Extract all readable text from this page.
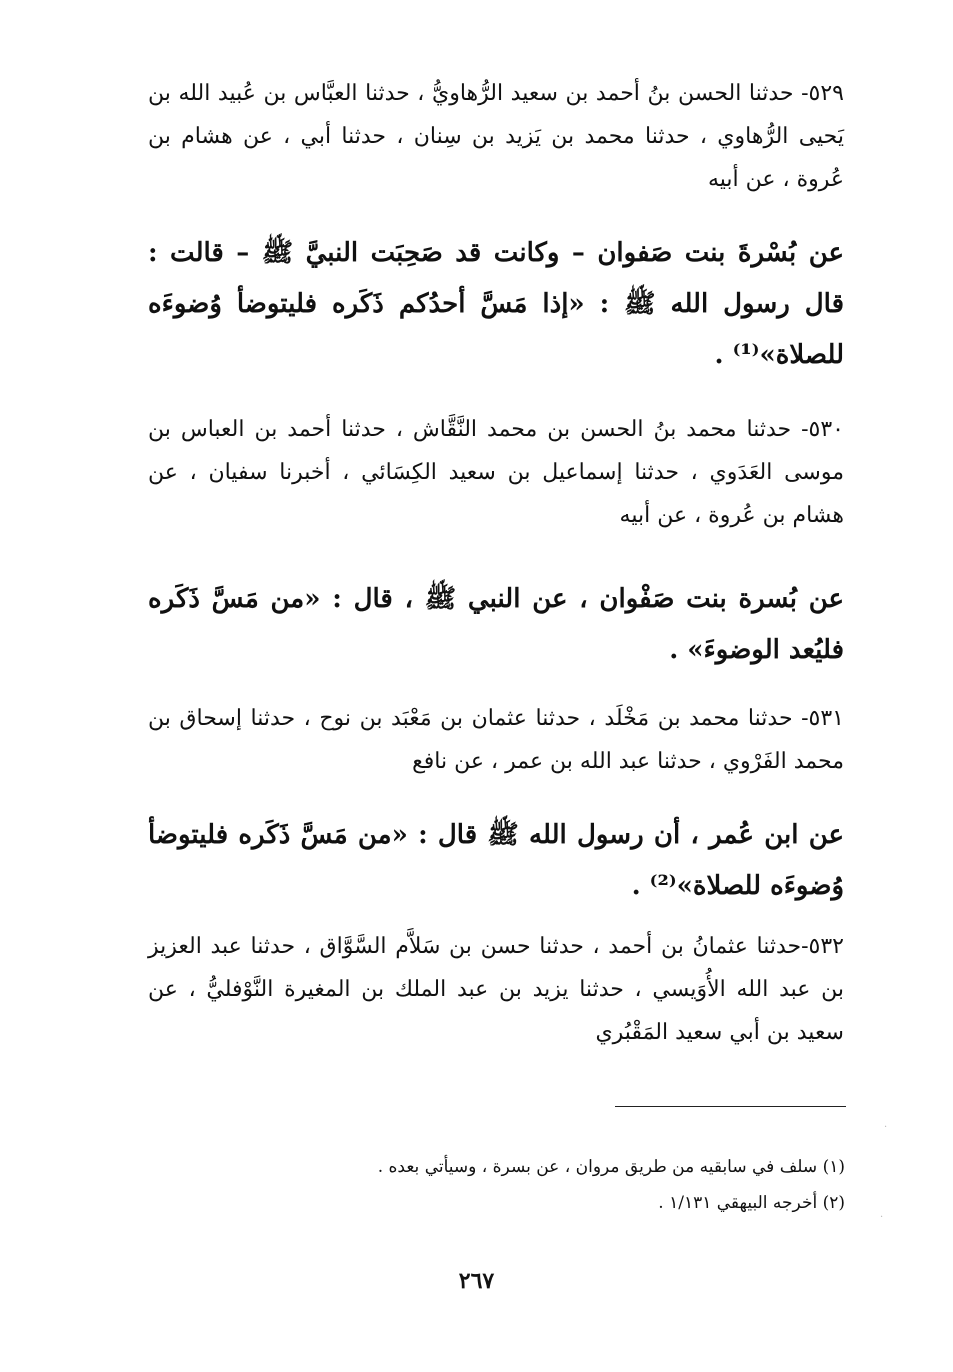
٥٢٩- حدثنا الحسن بنُ أحمد بن سعيد الرُّهاويُّ ، حدثنا العبَّاس بن عُبيد الله بن يَحيى الرُّهاوي ، حدثنا محمد بن يَزيد بن سِنان ، حدثنا أبي ، عن هشام بن عُروة ، عن أبيه
عن بُسْرةَ بنت صَفوان – وكانت قد صَحِبَت النبيَّ ﷺ – قالت : قال رسول الله ﷺ : «إذا مَسَّ أحدُكم ذَكَره فليتوضأ وُضوءَه للصلاة»⁽¹⁾ .
٥٣٠- حدثنا محمد بنُ الحسن بن محمد النَّقَّاش ، حدثنا أحمد بن العباس بن موسى العَدَوي ، حدثنا إسماعيل بن سعيد الكِسَائي ، أخبرنا سفيان ، عن هشام بن عُروة ، عن أبيه
عن بُسرة بنت صَفْوان ، عن النبي ﷺ ، قال : «من مَسَّ ذَكَره فليُعد الوضوءَ» .
٥٣١- حدثنا محمد بن مَخْلَد ، حدثنا عثمان بن مَعْبَد بن نوح ، حدثنا إسحاق بن محمد الفَرْوي ، حدثنا عبد الله بن عمر ، عن نافع
عن ابن عُمر ، أن رسول الله ﷺ قال : «من مَسَّ ذَكَره فليتوضأ وُضوءَه للصلاة»⁽²⁾ .
٥٣٢-حدثنا عثمانُ بن أحمد ، حدثنا حسن بن سَلاَّم السَّوَّاق ، حدثنا عبد العزيز بن عبد الله الأُوَيسي ، حدثنا يزيد بن عبد الملك بن المغيرة النَّوْفليُّ ، عن سعيد بن أبي سعيد المَقْبُري
(١) سلف في سابقيه من طريق مروان ، عن بسرة ، وسيأتي بعده .
(٢) أخرجه البيهقي ١/١٣١ .
٢٦٧
·
·
